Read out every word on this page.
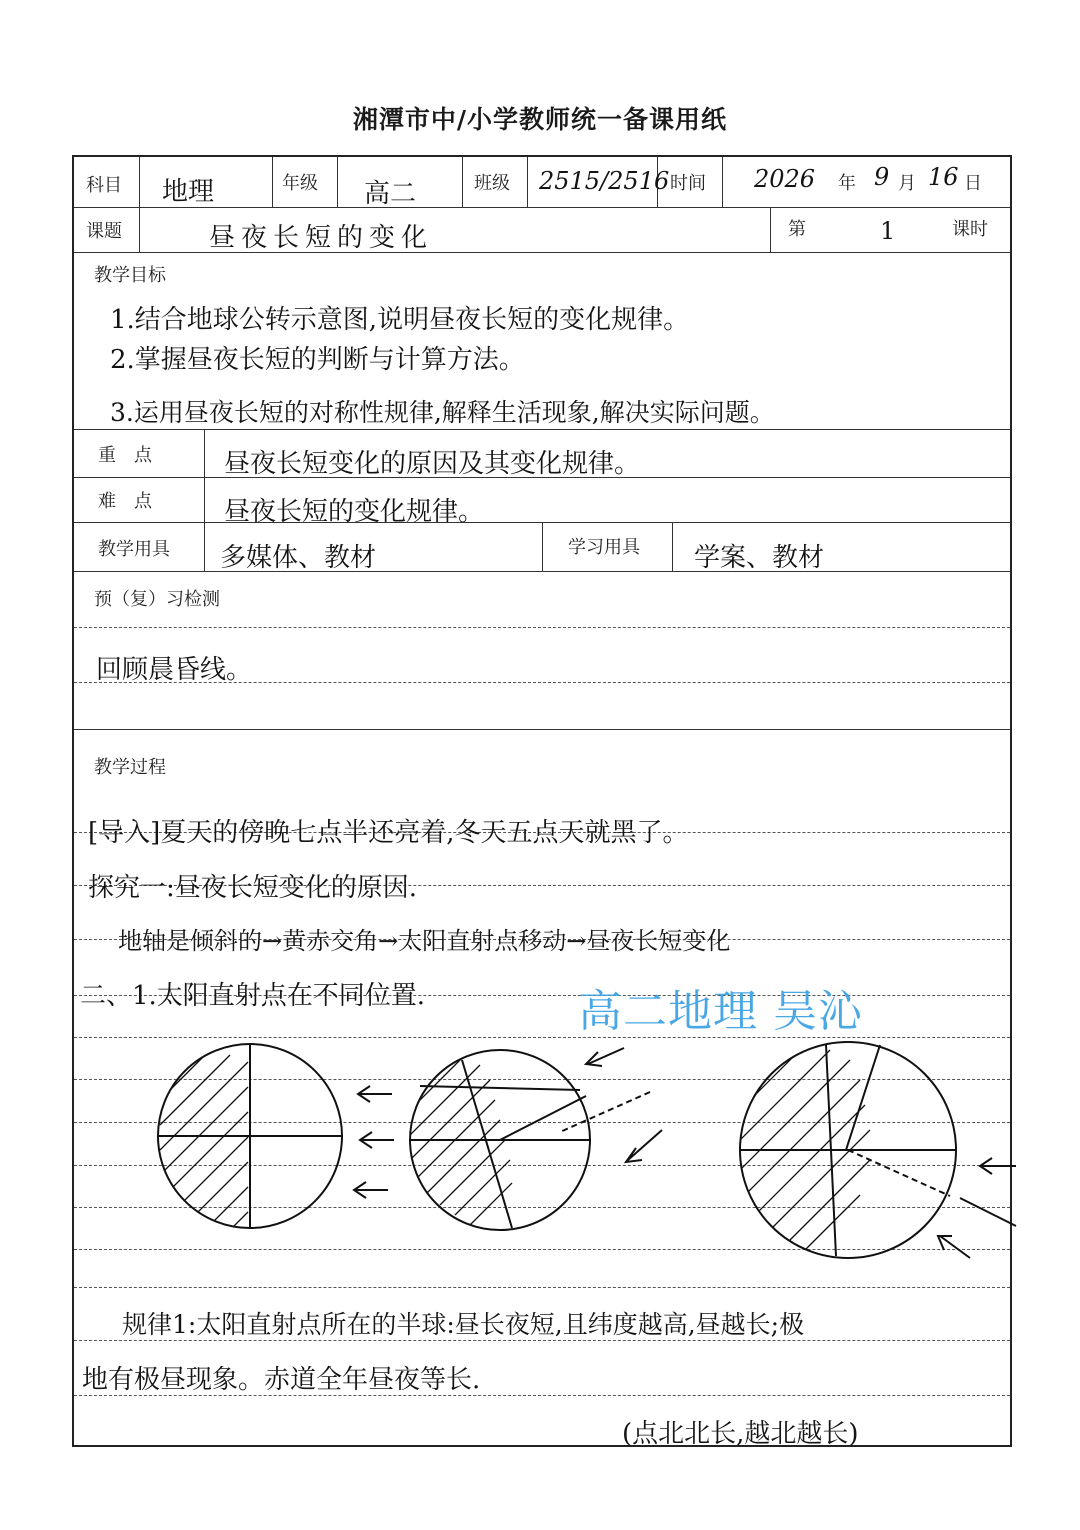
湘潭市中/小学教师统一备课用纸
科目 地理	年级 高二	班级 2515/2516 时间 2026 年 9 月 16 日
课题	昼夜长短的变化	第	1	课时
教学目标
1.结合地球公转示意图,说明昼夜长短的变化规律。
2.掌握昼夜长短的判断与计算方法。
3.运用昼夜长短的对称性规律,解释生活现象,解决实际问题。
重　点	昼夜长短变化的原因及其变化规律。
难　点	昼夜长短的变化规律。
教学用具 多媒体、教材	学习用具 学案、教材
预（复）习检测
回顾晨昏线。
教学过程
[导入]夏天的傍晚七点半还亮着,冬天五点天就黑了。
探究一:昼夜长短变化的原因.
地轴是倾斜的→黄赤交角→太阳直射点移动→昼夜长短变化
二、1.太阳直射点在不同位置.
规律1:太阳直射点所在的半球:昼长夜短,且纬度越高,昼越长;极
地有极昼现象。赤道全年昼夜等长.
(点北北长,越北越长)
高二地理 吴沁
